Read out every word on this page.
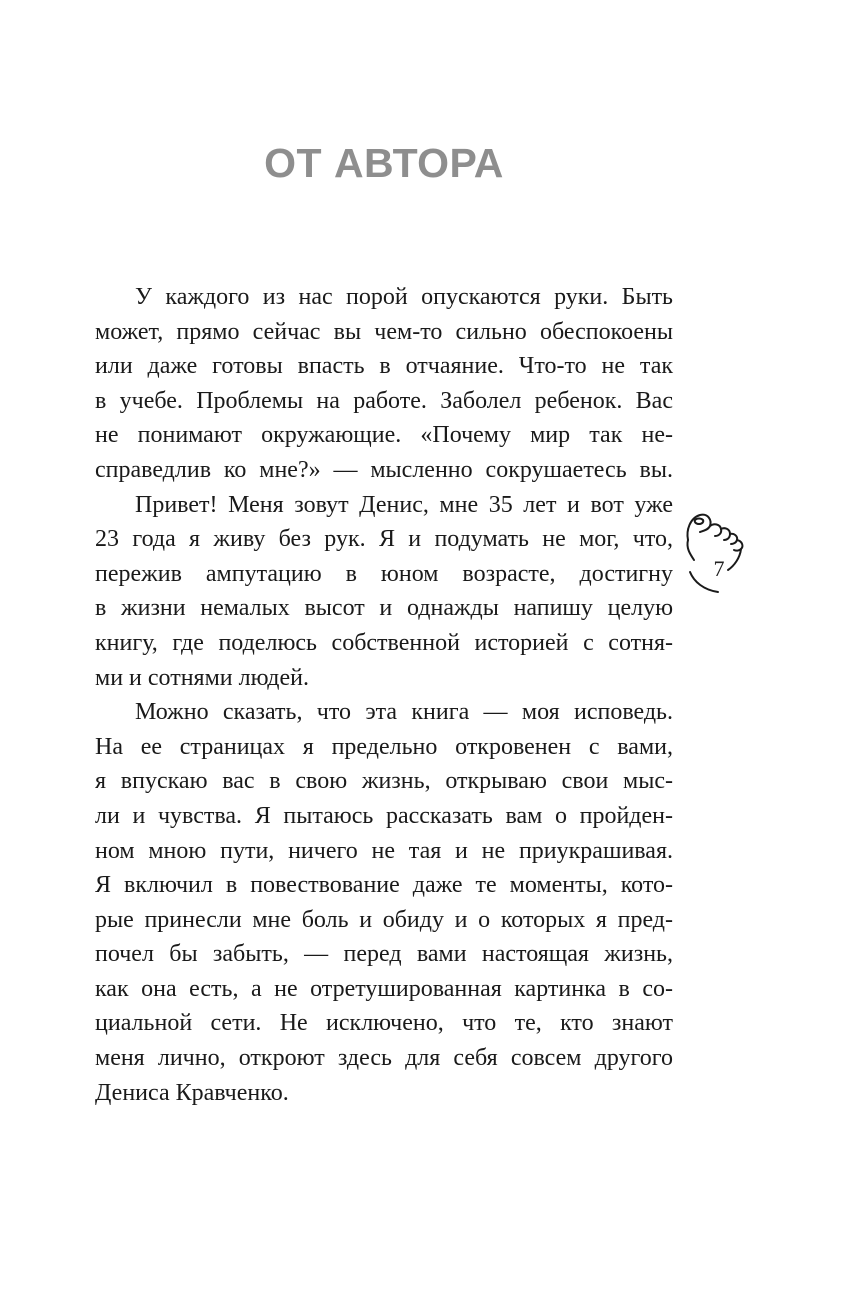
ОТ АВТОРА
У каждого из нас порой опускаются руки. Быть
может, прямо сейчас вы чем-то сильно обеспокоены
или даже готовы впасть в отчаяние. Что-то не так
в учебе. Проблемы на работе. Заболел ребенок. Вас
не понимают окружающие. «Почему мир так не-
справедлив ко мне?» — мысленно сокрушаетесь вы.
Привет! Меня зовут Денис, мне 35 лет и вот уже
23 года я живу без рук. Я и подумать не мог, что,
пережив ампутацию в юном возрасте, достигну
в жизни немалых высот и однажды напишу целую
книгу, где поделюсь собственной историей с сотня-
ми и сотнями людей.
Можно сказать, что эта книга — моя исповедь.
На ее страницах я предельно откровенен с вами,
я впускаю вас в свою жизнь, открываю свои мыс-
ли и чувства. Я пытаюсь рассказать вам о пройден-
ном мною пути, ничего не тая и не приукрашивая.
Я включил в повествование даже те моменты, кото-
рые принесли мне боль и обиду и о которых я пред-
почел бы забыть, — перед вами настоящая жизнь,
как она есть, а не отретушированная картинка в со-
циальной сети. Не исключено, что те, кто знают
меня лично, откроют здесь для себя совсем другого
Дениса Кравченко.
7
